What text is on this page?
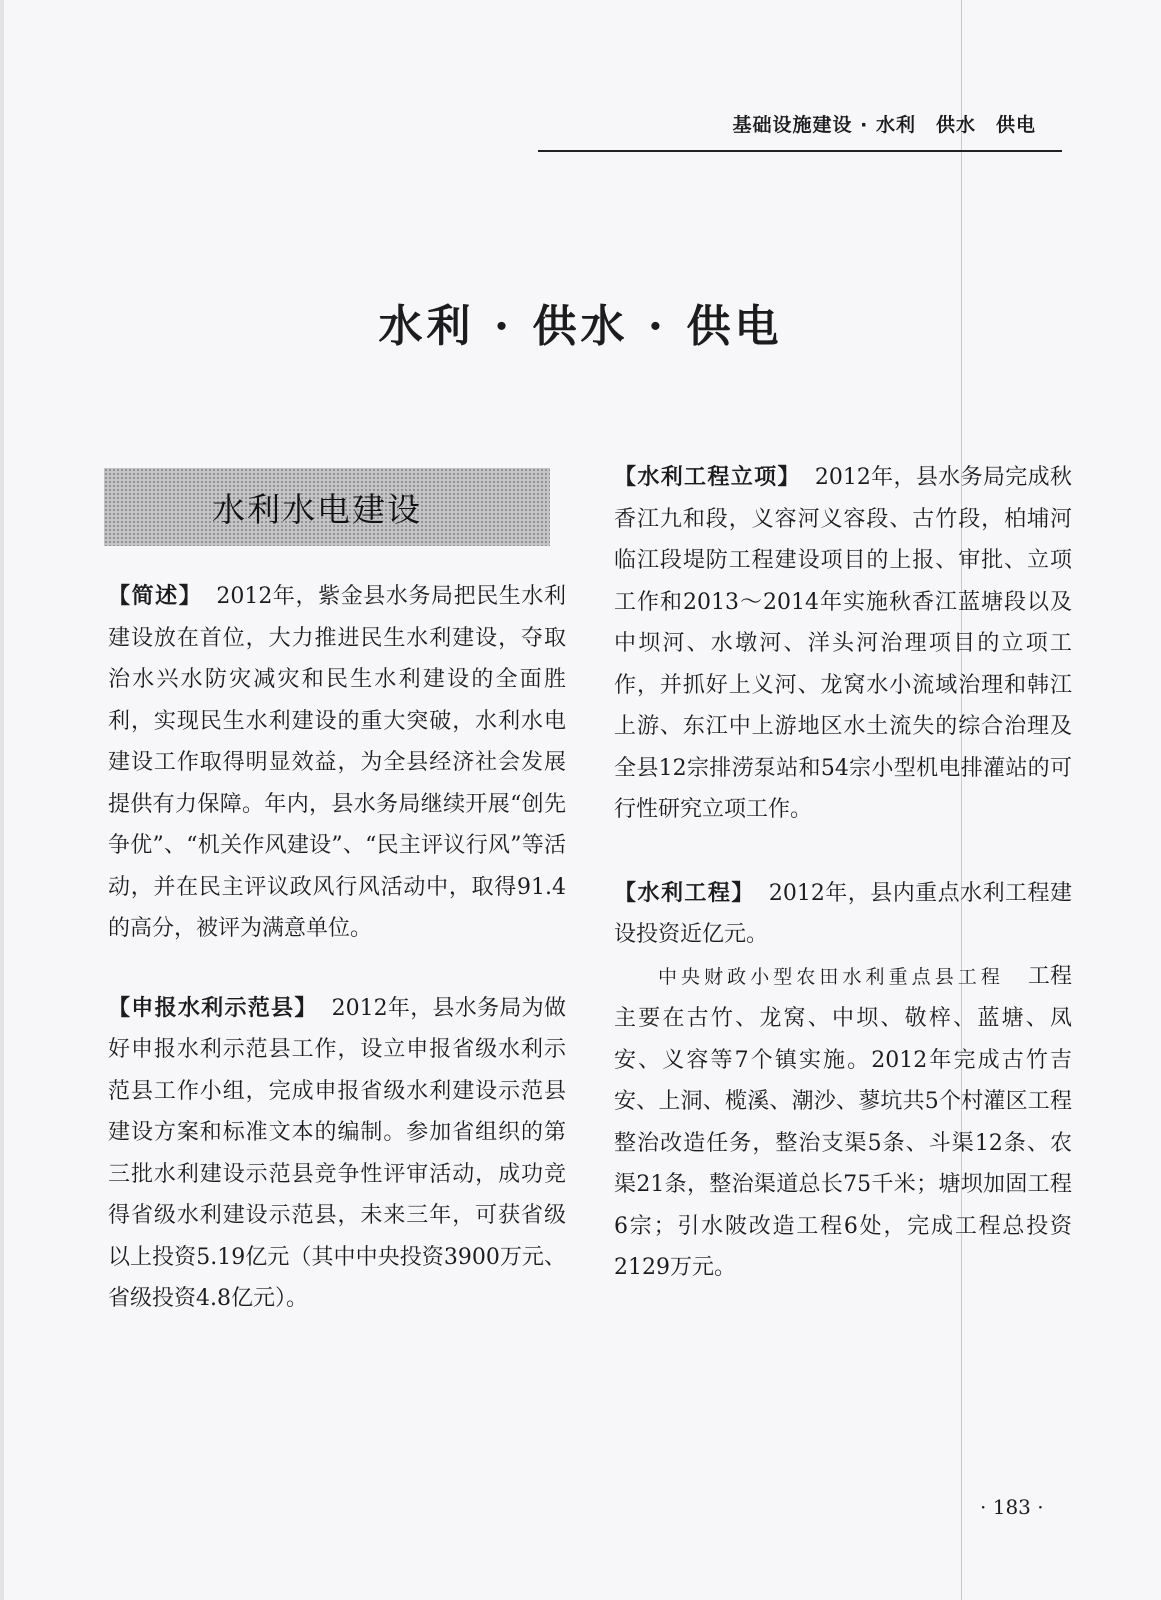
基础设施建设 · 水利　供水　供电
水利 · 供水 · 供电
水利水电建设

【简述】 2012年，紫金县水务局把民生水利建设放在首位，大力推进民生水利建设，夺取治水兴水防灾减灾和民生水利建设的全面胜利，实现民生水利建设的重大突破，水利水电建设工作取得明显效益，为全县经济社会发展提供有力保障。年内，县水务局继续开展“创先争优”、“机关作风建设”、“民主评议行风”等活动，并在民主评议政风行风活动中，取得91.4的高分，被评为满意单位。

【申报水利示范县】 2012年，县水务局为做好申报水利示范县工作，设立申报省级水利示范县工作小组，完成申报省级水利建设示范县建设方案和标准文本的编制。参加省组织的第三批水利建设示范县竞争性评审活动，成功竞得省级水利建设示范县，未来三年，可获省级以上投资5.19亿元（其中中央投资3900万元、省级投资4.8亿元）。

【水利工程立项】 2012年，县水务局完成秋香江九和段，义容河义容段、古竹段，柏埔河临江段堤防工程建设项目的上报、审批、立项工作和2013～2014年实施秋香江蓝塘段以及中坝河、水墩河、洋头河治理项目的立项工作，并抓好上义河、龙窝水小流域治理和韩江上游、东江中上游地区水土流失的综合治理及全县12宗排涝泵站和54宗小型机电排灌站的可行性研究立项工作。

【水利工程】 2012年，县内重点水利工程建设投资近亿元。

中央财政小型农田水利重点县工程 工程主要在古竹、龙窝、中坝、敬梓、蓝塘、凤安、义容等7个镇实施。2012年完成古竹吉安、上洞、榄溪、潮沙、蓼坑共5个村灌区工程整治改造任务，整治支渠5条、斗渠12条、农渠21条，整治渠道总长75千米；塘坝加固工程6宗；引水陂改造工程6处，完成工程总投资2129万元。

· 183 ·
